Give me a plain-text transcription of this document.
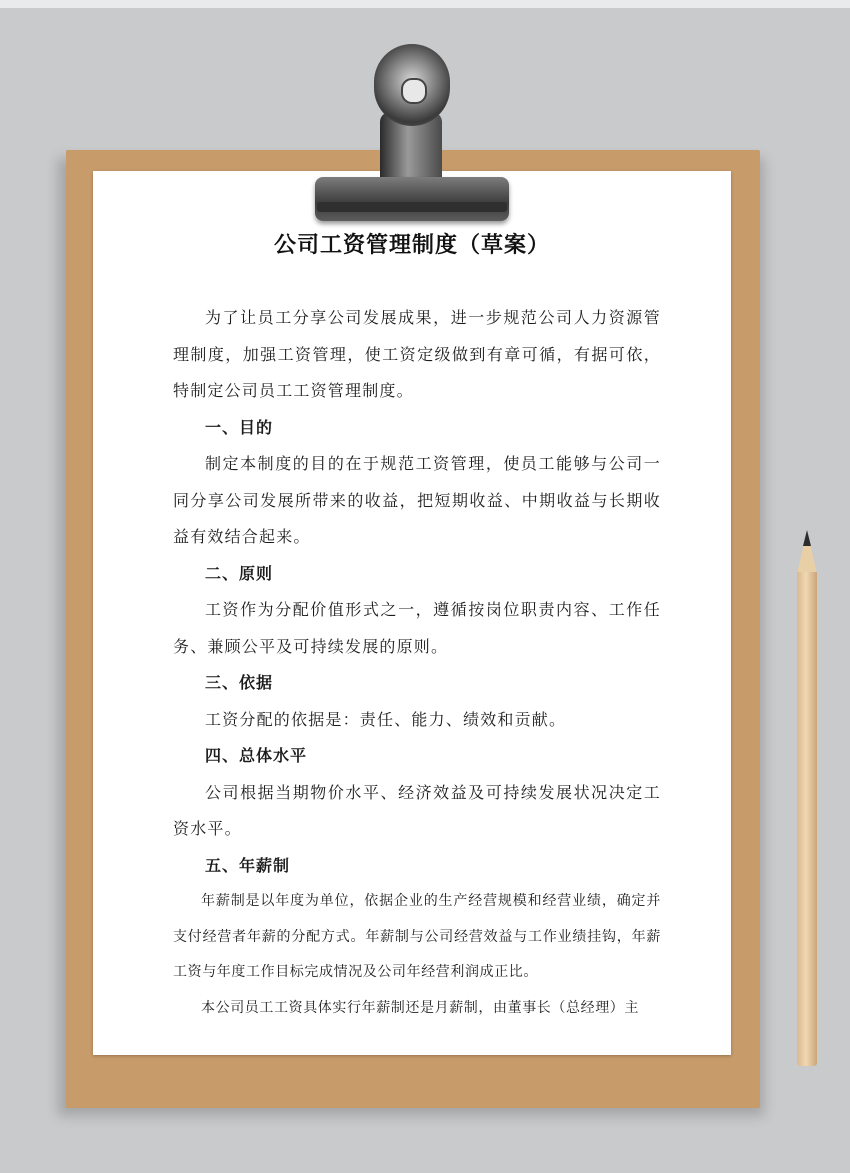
公司工资管理制度（草案）

为了让员工分享公司发展成果，进一步规范公司人力资源管理制度，加强工资管理，使工资定级做到有章可循，有据可依，特制定公司员工工资管理制度。

一、目的

制定本制度的目的在于规范工资管理，使员工能够与公司一同分享公司发展所带来的收益，把短期收益、中期收益与长期收益有效结合起来。

二、原则

工资作为分配价值形式之一，遵循按岗位职责内容、工作任务、兼顾公平及可持续发展的原则。

三、依据

工资分配的依据是：责任、能力、绩效和贡献。

四、总体水平

公司根据当期物价水平、经济效益及可持续发展状况决定工资水平。

五、年薪制

年薪制是以年度为单位，依据企业的生产经营规模和经营业绩，确定并支付经营者年薪的分配方式。年薪制与公司经营效益与工作业绩挂钩，年薪工资与年度工作目标完成情况及公司年经营利润成正比。

本公司员工工资具体实行年薪制还是月薪制，由董事长（总经理）主
